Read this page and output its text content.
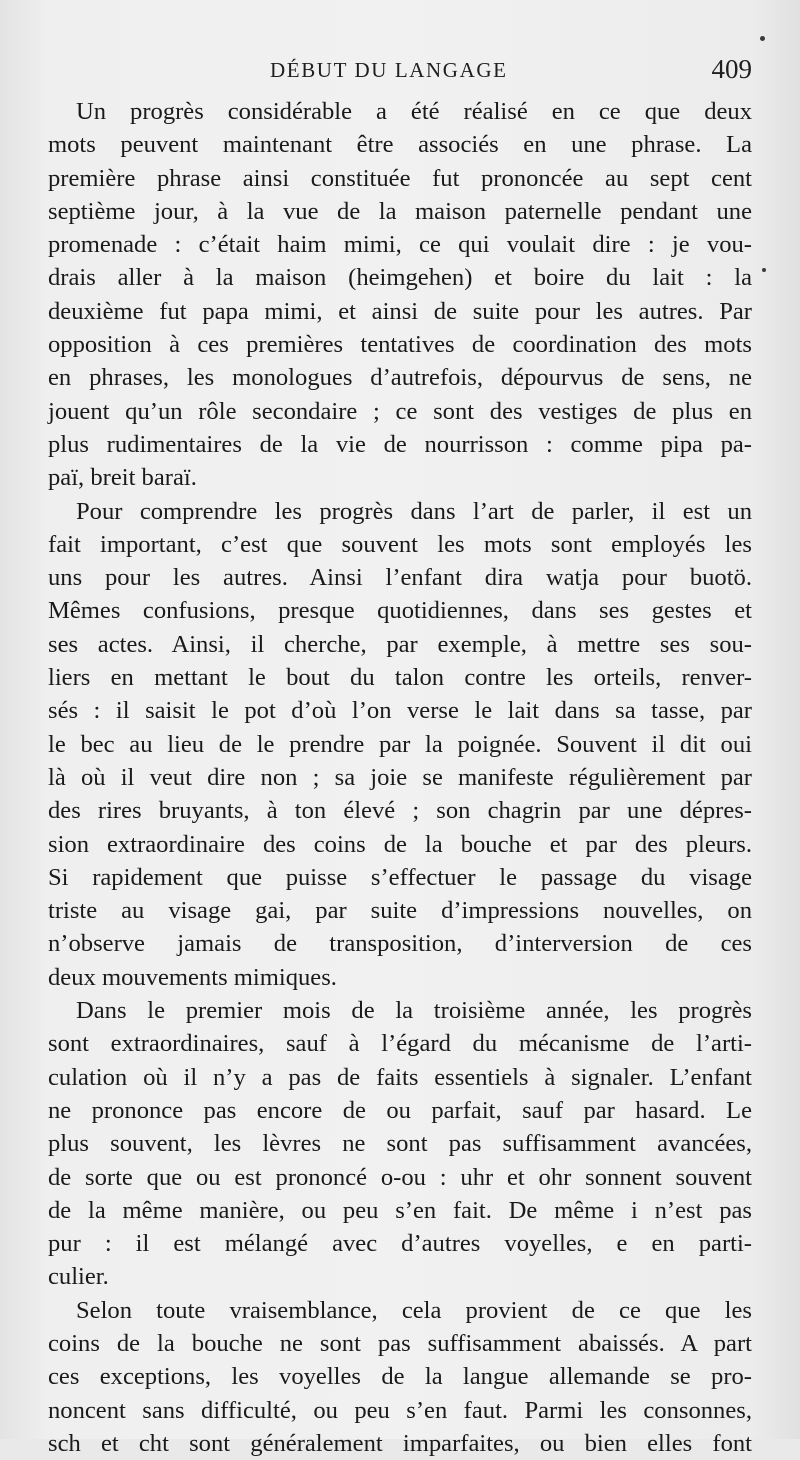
DÉBUT DU LANGAGE	409
Un progrès considérable a été réalisé en ce que deux
mots peuvent maintenant être associés en une phrase. La
première phrase ainsi constituée fut prononcée au sept cent
septième jour, à la vue de la maison paternelle pendant une
promenade : c’était haim mimi, ce qui voulait dire : je vou-
drais aller à la maison (heimgehen) et boire du lait : la
deuxième fut papa mimi, et ainsi de suite pour les autres. Par
opposition à ces premières tentatives de coordination des mots
en phrases, les monologues d’autrefois, dépourvus de sens, ne
jouent qu’un rôle secondaire ; ce sont des vestiges de plus en
plus rudimentaires de la vie de nourrisson : comme pipa pa-
paï, breit baraï.
Pour comprendre les progrès dans l’art de parler, il est un
fait important, c’est que souvent les mots sont employés les
uns pour les autres. Ainsi l’enfant dira watja pour buotö.
Mêmes confusions, presque quotidiennes, dans ses gestes et
ses actes. Ainsi, il cherche, par exemple, à mettre ses sou-
liers en mettant le bout du talon contre les orteils, renver-
sés : il saisit le pot d’où l’on verse le lait dans sa tasse, par
le bec au lieu de le prendre par la poignée. Souvent il dit oui
là où il veut dire non ; sa joie se manifeste régulièrement par
des rires bruyants, à ton élevé ; son chagrin par une dépres-
sion extraordinaire des coins de la bouche et par des pleurs.
Si rapidement que puisse s’effectuer le passage du visage
triste au visage gai, par suite d’impressions nouvelles, on
n’observe jamais de transposition, d’interversion de ces
deux mouvements mimiques.
Dans le premier mois de la troisième année, les progrès
sont extraordinaires, sauf à l’égard du mécanisme de l’arti-
culation où il n’y a pas de faits essentiels à signaler. L’enfant
ne prononce pas encore de ou parfait, sauf par hasard. Le
plus souvent, les lèvres ne sont pas suffisamment avancées,
de sorte que ou est prononcé o-ou : uhr et ohr sonnent souvent
de la même manière, ou peu s’en fait. De même i n’est pas
pur : il est mélangé avec d’autres voyelles, e en parti-
culier.
Selon toute vraisemblance, cela provient de ce que les
coins de la bouche ne sont pas suffisamment abaissés. A part
ces exceptions, les voyelles de la langue allemande se pro-
noncent sans difficulté, ou peu s’en faut. Parmi les consonnes,
sch et cht sont généralement imparfaites, ou bien elles font
